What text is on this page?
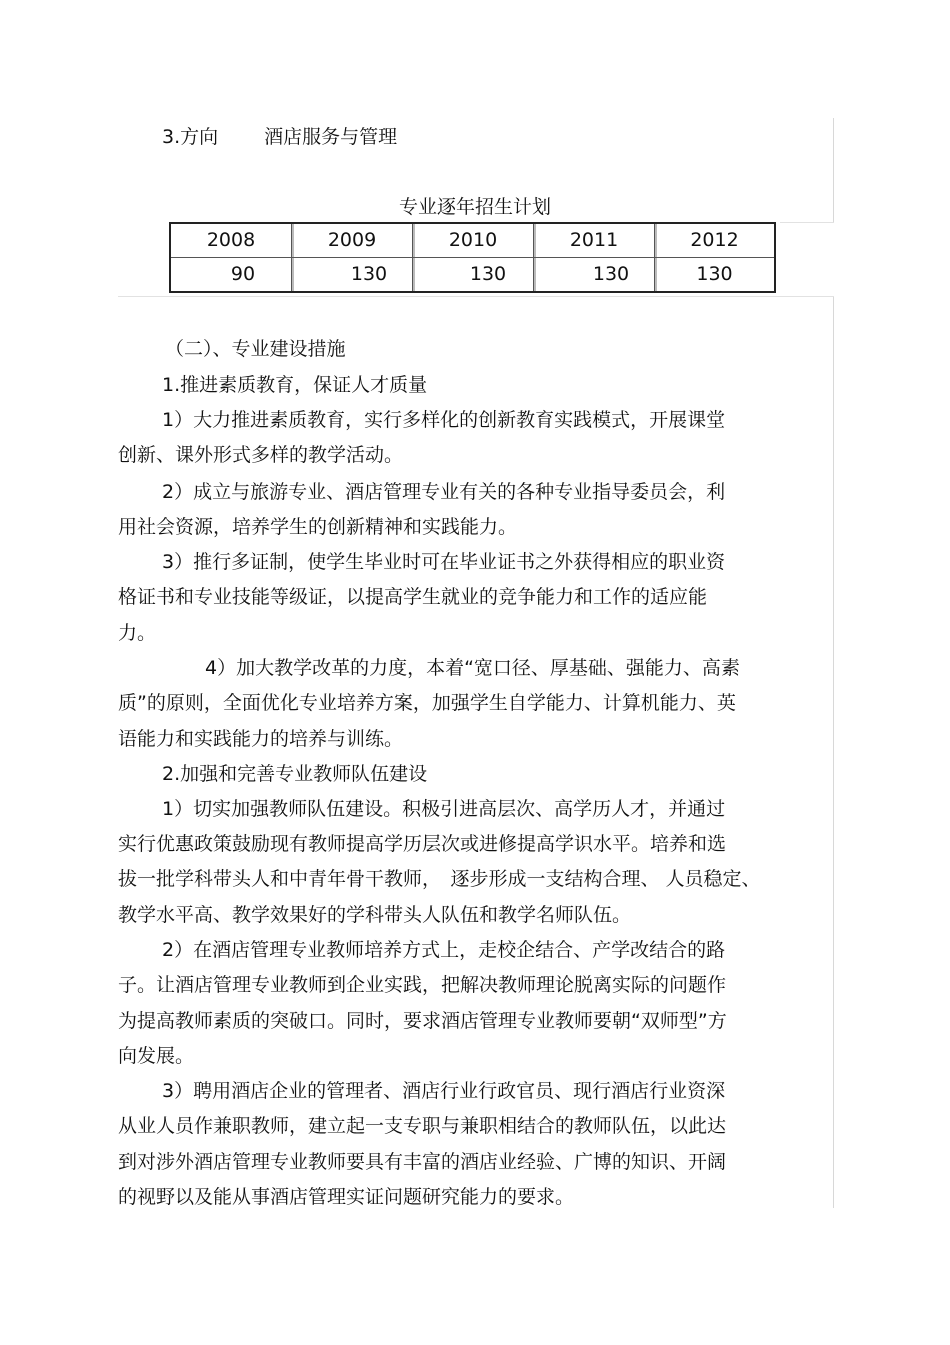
3.方向 酒店服务与管理
专业逐年招生计划
2008	2009	2010	2011	2012

90	130	130	130	130
（二）、专业建设措施
1.推进素质教育，保证人才质量
1）大力推进素质教育，实行多样化的创新教育实践模式，开展课堂
创新、课外形式多样的教学活动。
2）成立与旅游专业、酒店管理专业有关的各种专业指导委员会，利
用社会资源，培养学生的创新精神和实践能力。
3）推行多证制，使学生毕业时可在毕业证书之外获得相应的职业资
格证书和专业技能等级证，以提高学生就业的竞争能力和工作的适应能
力。
4）加大教学改革的力度，本着“宽口径、厚基础、强能力、高素
质”的原则，全面优化专业培养方案，加强学生自学能力、计算机能力、英
语能力和实践能力的培养与训练。
2.加强和完善专业教师队伍建设
1）切实加强教师队伍建设。积极引进高层次、高学历人才，并通过
实行优惠政策鼓励现有教师提高学历层次或进修提高学识水平。培养和选
拔一批学科带头人和中青年骨干教师，　逐步形成一支结构合理、 人员稳定、
教学水平高、教学效果好的学科带头人队伍和教学名师队伍。
2）在酒店管理专业教师培养方式上，走校企结合、产学改结合的路
子。让酒店管理专业教师到企业实践，把解决教师理论脱离实际的问题作
为提高教师素质的突破口。同时，要求酒店管理专业教师要朝“双师型”方
向发展。
3）聘用酒店企业的管理者、酒店行业行政官员、现行酒店行业资深
从业人员作兼职教师，建立起一支专职与兼职相结合的教师队伍，以此达
到对涉外酒店管理专业教师要具有丰富的酒店业经验、广博的知识、开阔
的视野以及能从事酒店管理实证问题研究能力的要求。
